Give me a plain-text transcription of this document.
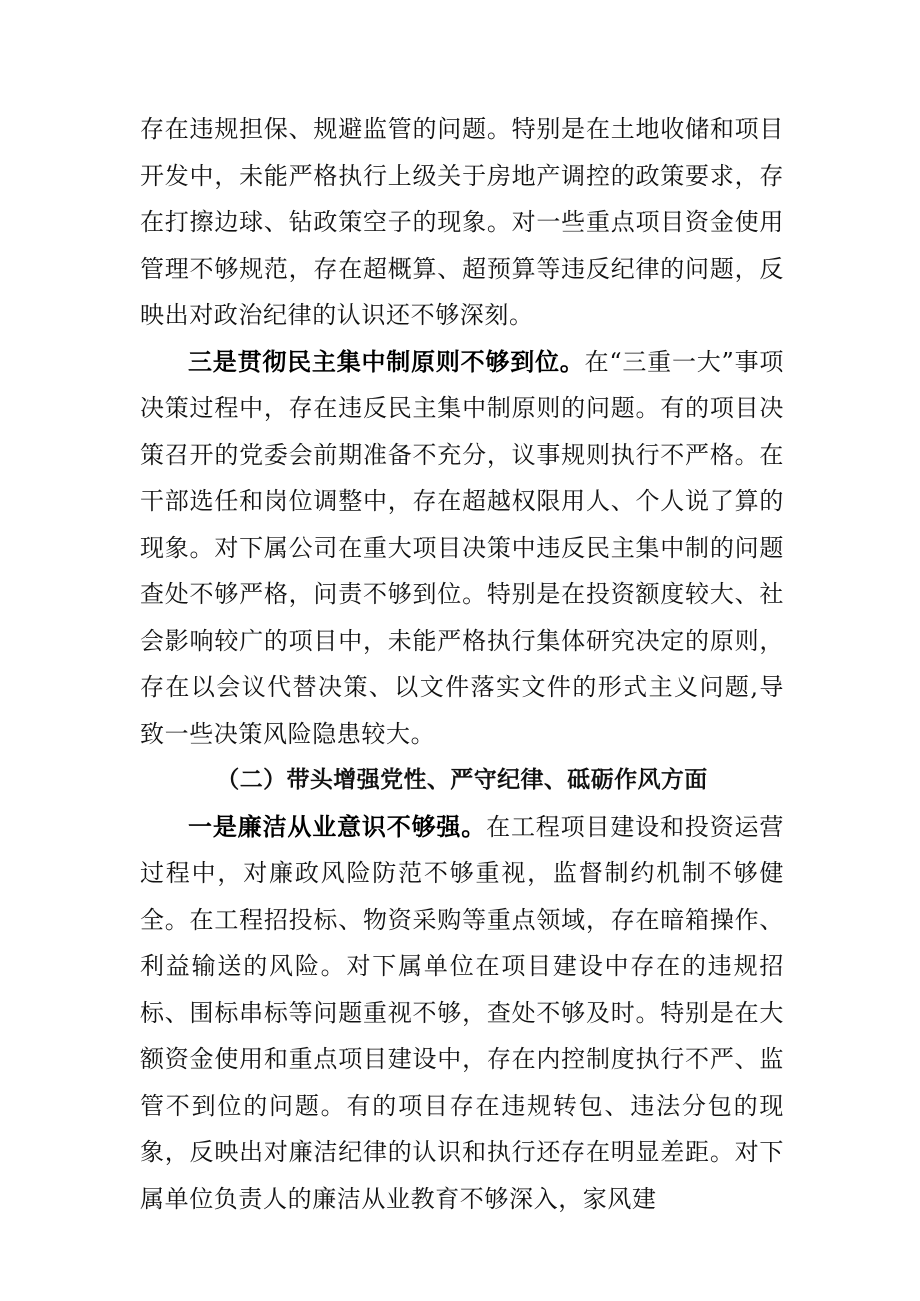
存在违规担保、规避监管的问题。特别是在土地收储和项目开发中，未能严格执行上级关于房地产调控的政策要求，存在打擦边球、钻政策空子的现象。对一些重点项目资金使用管理不够规范，存在超概算、超预算等违反纪律的问题，反映出对政治纪律的认识还不够深刻。

三是贯彻民主集中制原则不够到位。在“三重一大”事项决策过程中，存在违反民主集中制原则的问题。有的项目决策召开的党委会前期准备不充分，议事规则执行不严格。在干部选任和岗位调整中，存在超越权限用人、个人说了算的现象。对下属公司在重大项目决策中违反民主集中制的问题查处不够严格，问责不够到位。特别是在投资额度较大、社会影响较广的项目中，未能严格执行集体研究决定的原则，存在以会议代替决策、以文件落实文件的形式主义问题,导致一些决策风险隐患较大。

（二）带头增强党性、严守纪律、砥砺作风方面

一是廉洁从业意识不够强。在工程项目建设和投资运营过程中，对廉政风险防范不够重视，监督制约机制不够健全。在工程招投标、物资采购等重点领域，存在暗箱操作、利益输送的风险。对下属单位在项目建设中存在的违规招标、围标串标等问题重视不够，查处不够及时。特别是在大额资金使用和重点项目建设中，存在内控制度执行不严、监管不到位的问题。有的项目存在违规转包、违法分包的现象，反映出对廉洁纪律的认识和执行还存在明显差距。对下属单位负责人的廉洁从业教育不够深入，家风建
